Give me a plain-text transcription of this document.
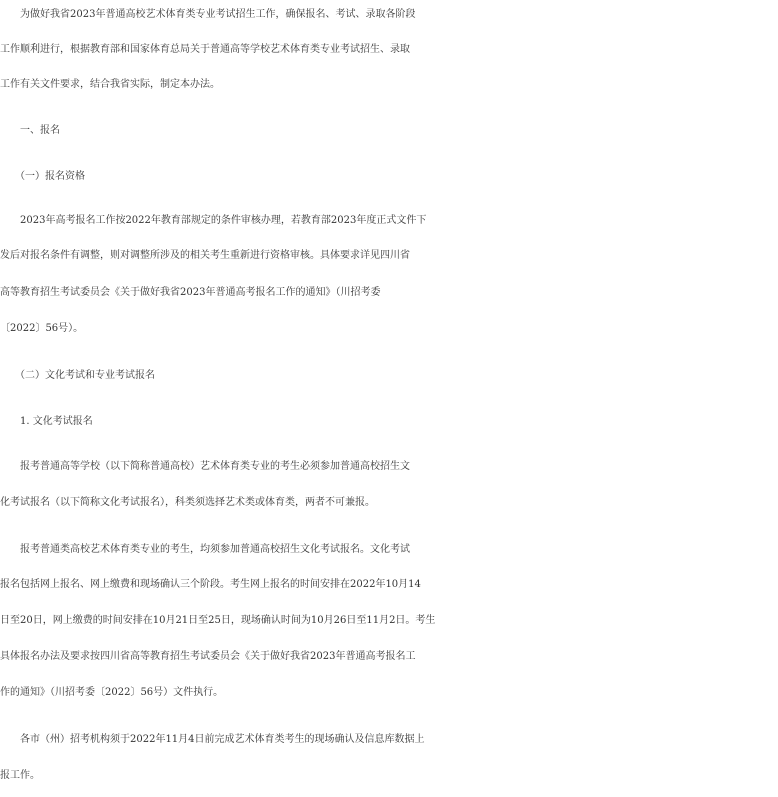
　　为做好我省2023年普通高校艺术体育类专业考试招生工作，确保报名、考试、录取各阶段
工作顺利进行，根据教育部和国家体育总局关于普通高等学校艺术体育类专业考试招生、录取
工作有关文件要求，结合我省实际，制定本办法。
　　一、报名
　　（一）报名资格
　　2023年高考报名工作按2022年教育部规定的条件审核办理，若教育部2023年度正式文件下
发后对报名条件有调整，则对调整所涉及的相关考生重新进行资格审核。具体要求详见四川省
高等教育招生考试委员会《关于做好我省2023年普通高考报名工作的通知》（川招考委
〔2022〕56号）。
　　（二）文化考试和专业考试报名
　　1. 文化考试报名
　　报考普通高等学校（以下简称普通高校）艺术体育类专业的考生必须参加普通高校招生文
化考试报名（以下简称文化考试报名），科类须选择艺术类或体育类，两者不可兼报。
　　报考普通类高校艺术体育类专业的考生，均须参加普通高校招生文化考试报名。文化考试
报名包括网上报名、网上缴费和现场确认三个阶段。考生网上报名的时间安排在2022年10月14
日至20日，网上缴费的时间安排在10月21日至25日，现场确认时间为10月26日至11月2日。考生
具体报名办法及要求按四川省高等教育招生考试委员会《关于做好我省2023年普通高考报名工
作的通知》（川招考委〔2022〕56号）文件执行。
　　各市（州）招考机构须于2022年11月4日前完成艺术体育类考生的现场确认及信息库数据上
报工作。
